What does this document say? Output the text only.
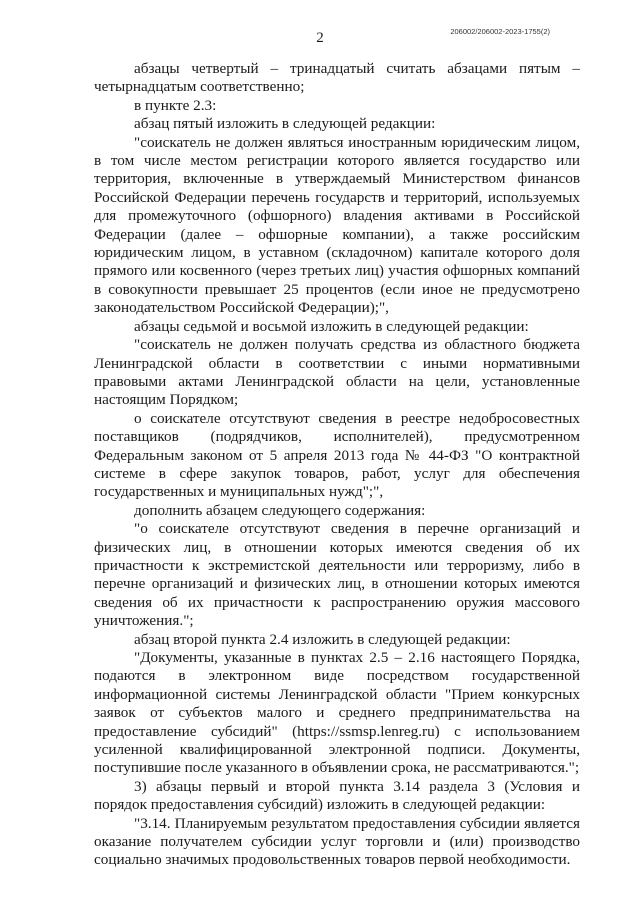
206002/206002-2023-1755(2)
2

абзацы четвертый – тринадцатый считать абзацами пятым – четырнадцатым соответственно;

в пункте 2.3:

абзац пятый изложить в следующей редакции:

"соискатель не должен являться иностранным юридическим лицом, в том числе местом регистрации которого является государство или территория, включенные в утверждаемый Министерством финансов Российской Федерации перечень государств и территорий, используемых для промежуточного (офшорного) владения активами в Российской Федерации (далее – офшорные компании), а также российским юридическим лицом, в уставном (складочном) капитале которого доля прямого или косвенного (через третьих лиц) участия офшорных компаний в совокупности превышает 25 процентов (если иное не предусмотрено законодательством Российской Федерации);",

абзацы седьмой и восьмой изложить в следующей редакции:

"соискатель не должен получать средства из областного бюджета Ленинградской области в соответствии с иными нормативными правовыми актами Ленинградской области на цели, установленные настоящим Порядком;

о соискателе отсутствуют сведения в реестре недобросовестных поставщиков (подрядчиков, исполнителей), предусмотренном Федеральным законом от 5 апреля 2013 года № 44-ФЗ "О контрактной системе в сфере закупок товаров, работ, услуг для обеспечения государственных и муниципальных нужд";",

дополнить абзацем следующего содержания:

"о соискателе отсутствуют сведения в перечне организаций и физических лиц, в отношении которых имеются сведения об их причастности к экстремистской деятельности или терроризму, либо в перечне организаций и физических лиц, в отношении которых имеются сведения об их причастности к распространению оружия массового уничтожения.";

абзац второй пункта 2.4 изложить в следующей редакции:

"Документы, указанные в пунктах 2.5 – 2.16 настоящего Порядка, подаются в электронном виде посредством государственной информационной системы Ленинградской области "Прием конкурсных заявок от субъектов малого и среднего предпринимательства на предоставление субсидий" (https://ssmsp.lenreg.ru) с использованием усиленной квалифицированной электронной подписи. Документы, поступившие после указанного в объявлении срока, не рассматриваются.";

3) абзацы первый и второй пункта 3.14 раздела 3 (Условия и порядок предоставления субсидий) изложить в следующей редакции:

"3.14. Планируемым результатом предоставления субсидии является оказание получателем субсидии услуг торговли и (или) производство социально значимых продовольственных товаров первой необходимости.
